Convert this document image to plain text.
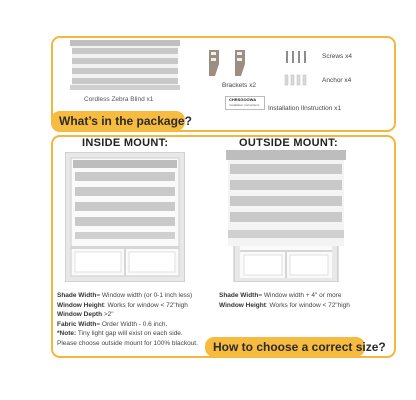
Cordless Zebra Blind x1
Brackets x2
Screws x4
Anchor x4
CHRSGOOWA
Installation instructions Installation Ilnstruction x1
What’s in the package?
INSIDE MOUNT:	OUTSIDE MOUNT:
Shade Width= Window width (or 0-1 inch less)
Window Height: Works for window < 72"high
Window Depth >2"
Fabric Width= Order Width - 0.6 inch.
*Note: Tiny light gap will exist on each side.
Please choose outside mount for 100% blackout.
Shade Width= Window width + 4" or more
Window Height: Works for window < 72"high
How to choose a correct size?
